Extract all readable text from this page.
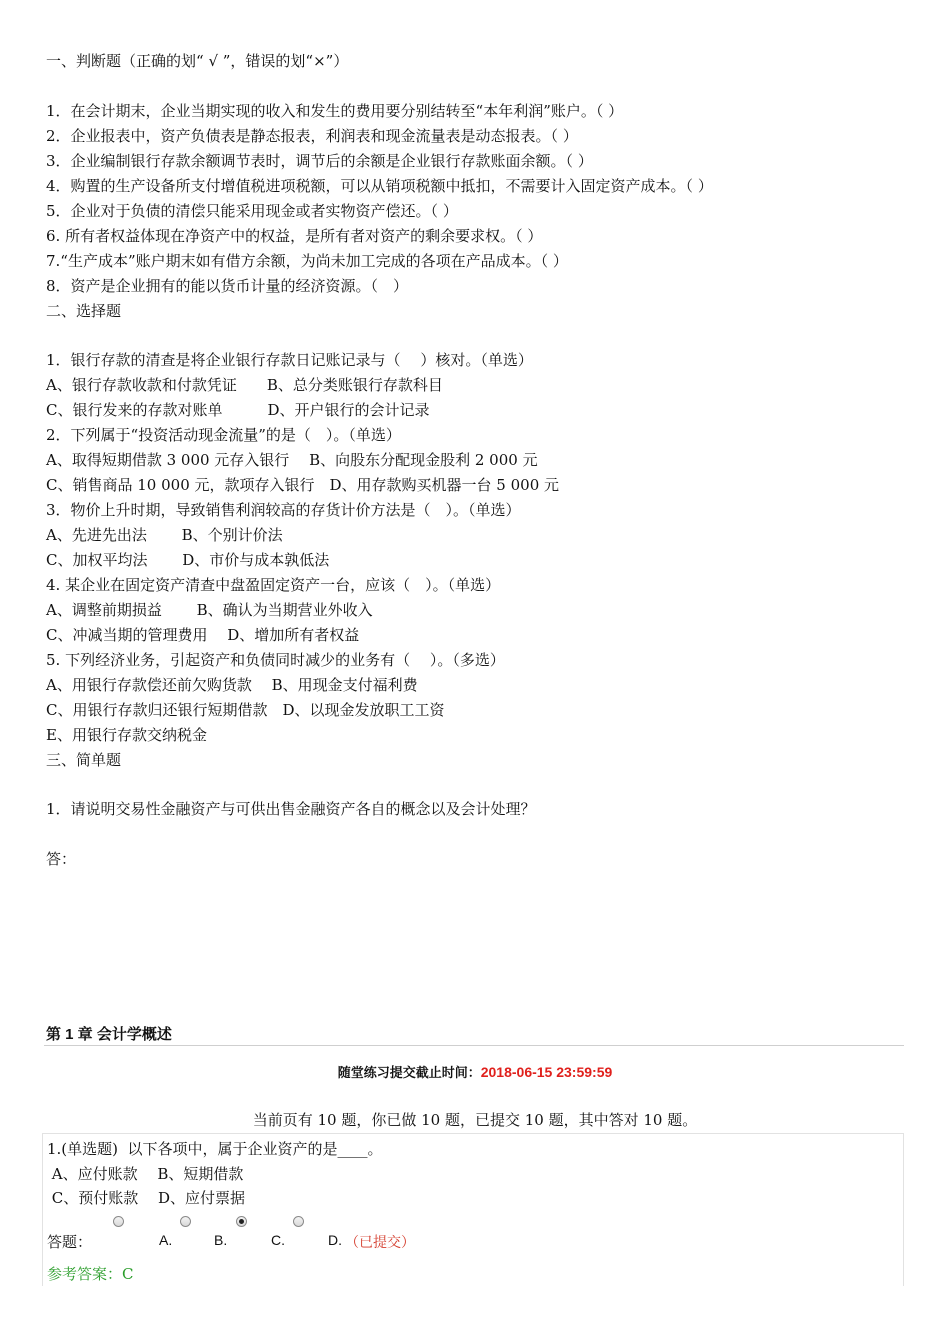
一、判断题（正确的划“ √ ”，错误的划“×”）
1．在会计期末，企业当期实现的收入和发生的费用要分别结转至“本年利润”账户。（ ）
2．企业报表中，资产负债表是静态报表，利润表和现金流量表是动态报表。（ ）
3．企业编制银行存款余额调节表时，调节后的余额是企业银行存款账面余额。（ ）
4．购置的生产设备所支付增值税进项税额，可以从销项税额中抵扣，不需要计入固定资产成本。（ ）
5．企业对于负债的清偿只能采用现金或者实物资产偿还。（ ）
6. 所有者权益体现在净资产中的权益，是所有者对资产的剩余要求权。（ ）
7.“生产成本”账户期末如有借方余额，为尚未加工完成的各项在产品成本。（ ）
8．资产是企业拥有的能以货币计量的经济资源。（　）
二、选择题
1．银行存款的清查是将企业银行存款日记账记录与（　 ）核对。（单选）
A、银行存款收款和付款凭证　　B、总分类账银行存款科目
C、银行发来的存款对账单　　　D、开户银行的会计记录
2．下列属于“投资活动现金流量”的是（　）。（单选）
A、取得短期借款 3 000 元存入银行　 B、向股东分配现金股利 2 000 元
C、销售商品 10 000 元，款项存入银行　D、用存款购买机器一台 5 000 元
3．物价上升时期，导致销售利润较高的存货计价方法是（　）。（单选）
A、先进先出法　　 B、个别计价法
C、加权平均法　　 D、市价与成本孰低法
4. 某企业在固定资产清查中盘盈固定资产一台，应该（　）。（单选）
A、调整前期损益　　 B、确认为当期营业外收入
C、冲减当期的管理费用　 D、增加所有者权益
5. 下列经济业务，引起资产和负债同时减少的业务有（　 ）。（多选）
A、用银行存款偿还前欠购货款　 B、用现金支付福利费
C、用银行存款归还银行短期借款　D、以现金发放职工工资
E、用银行存款交纳税金
三、简单题
1．请说明交易性金融资产与可供出售金融资产各自的概念以及会计处理？
答：
第 1 章 会计学概述
随堂练习提交截止时间：2018-06-15 23:59:59
当前页有 10 题，你已做 10 题，已提交 10 题，其中答对 10 题。
1.(单选题)  以下各项中，属于企业资产的是____。
A、应付账款　 B、短期借款
C、预付账款　 D、应付票据
答题：	A.	B.	C.	D. （已提交）
参考答案：C
